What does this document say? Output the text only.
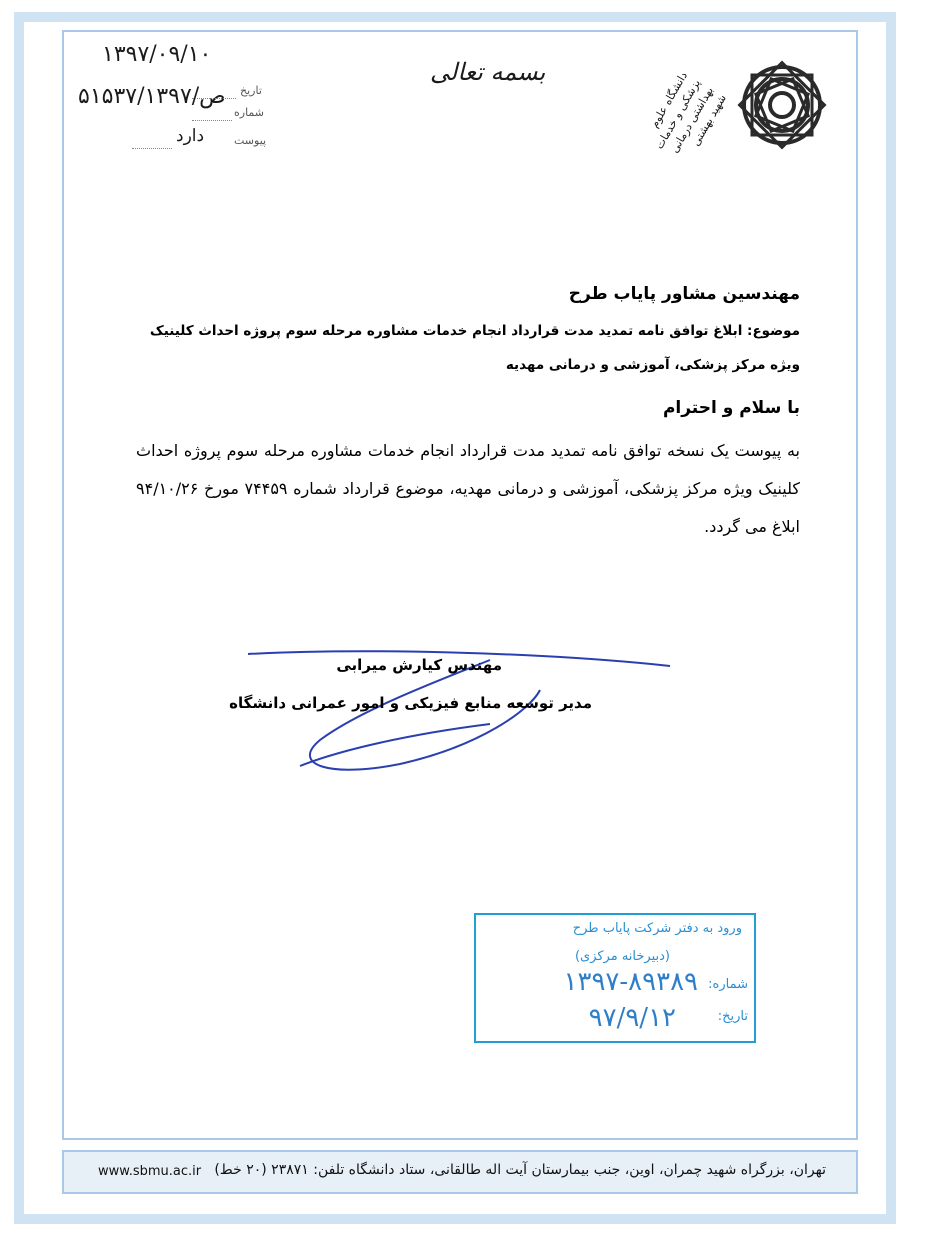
۱۳۹۷/۰۹/۱۰
۵۱۵۳۷/ص/۱۳۹۷
دارد
تاریخ
شماره
پیوست
بسمه تعالی	دانشگاه علوم پزشکی و خدمات بهداشتی درمانی شهید بهشتی
مهندسین مشاور پایاب طرح
موضوع: ابلاغ توافق نامه تمدید مدت قرارداد انجام خدمات مشاوره مرحله سوم پروژه احداث کلینیک ویژه مرکز پزشکی، آموزشی و درمانی مهدیه
با سلام و احترام
به پیوست یک نسخه توافق نامه تمدید مدت قرارداد انجام خدمات مشاوره مرحله سوم پروژه احداث کلینیک ویژه مرکز پزشکی، آموزشی و درمانی مهدیه، موضوع قرارداد شماره ۷۴۴۵۹ مورخ ۹۴/۱۰/۲۶ ابلاغ می گردد.
مهندس کیارش میرابی
مدیر توسعه منابع فیزیکی و امور عمرانی دانشگاه
ورود به دفتر شرکت پایاب طرح
(دبیرخانه مرکزی)
شماره:
۱۳۹۷-۸۹۳۸۹
تاریخ:
۹۷/۹/۱۲
تهران، بزرگراه شهید چمران، اوین، جنب بیمارستان آیت اله طالقانی، ستاد دانشگاه تلفن: ۲۳۸۷۱ (۲۰ خط)
www.sbmu.ac.ir
